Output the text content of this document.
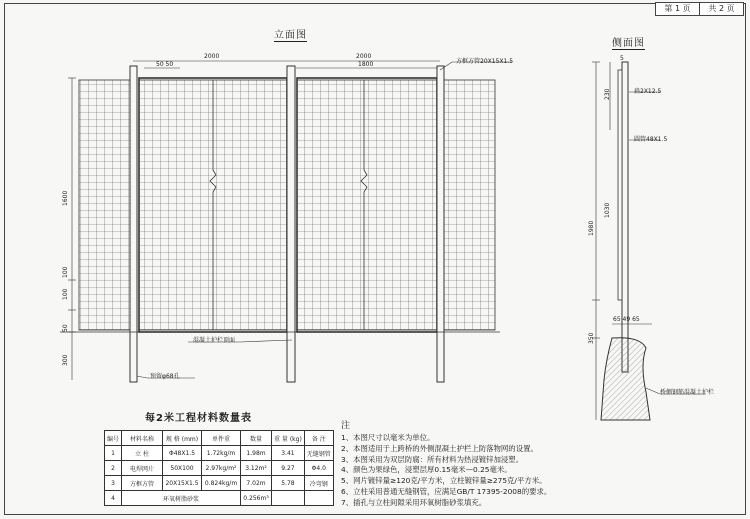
第 1 页	共 2 页
立面图
侧面图
2000	2000
1800
50 50
1600
100
100
50
300
方框方管20X15X1.5
混凝土护栏顶面
预留φ68孔
5
230
1030
1980
350
65 49 65
扁2X12.5
圆管48X1.5
桥侧钢筋混凝土护栏
每2米工程材料数量表
编号	材料名称	规 格 (mm)	单件重	数量	重 量 (kg)	备 注
1	立 柱	Φ48X1.5	1.72kg/m	1.98m	3.41	无缝钢管
2	电焊网片	50X100	2.97kg/m²	3.12m²	9.27	Φ4.0
3	方框方管	20X15X1.5	0.824kg/m	7.02m	5.78	冷弯钢
4	环氧树脂砂浆			0.256m³		
注
1、本图尺寸以毫米为单位。
2、本图适用于上跨桥的外侧混凝土护栏上防落物网的设置。
3、本图采用为双层防腐：所有材料为热浸镀锌加浸塑。
4、颜色为果绿色，浸塑层厚0.15毫米—0.25毫米。
5、网片镀锌量≥120克/平方米，立柱镀锌量≥275克/平方米。
6、立柱采用普通无缝钢管，应满足GB/T 17395-2008的要求。
7、插孔与立柱间隙采用环氧树脂砂浆填充。
